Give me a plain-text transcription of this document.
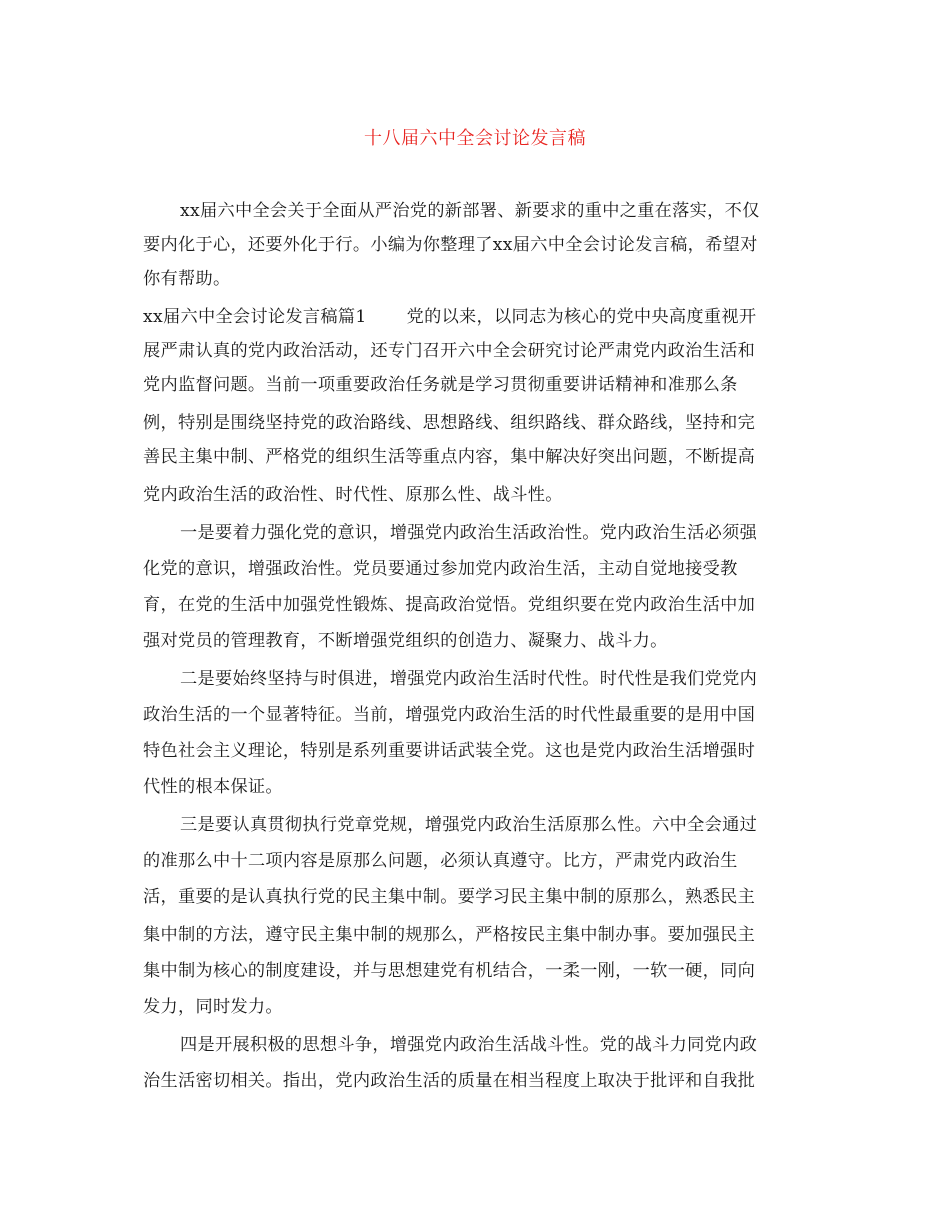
十八届六中全会讨论发言稿
xx届六中全会关于全面从严治党的新部署、新要求的重中之重在落实，不仅
要内化于心，还要外化于行。小编为你整理了xx届六中全会讨论发言稿，希望对
你有帮助。
xx届六中全会讨论发言稿篇1 党的以来，以同志为核心的党中央高度重视开
展严肃认真的党内政治活动，还专门召开六中全会研究讨论严肃党内政治生活和
党内监督问题。当前一项重要政治任务就是学习贯彻重要讲话精神和准那么条
例，特别是围绕坚持党的政治路线、思想路线、组织路线、群众路线，坚持和完
善民主集中制、严格党的组织生活等重点内容，集中解决好突出问题，不断提高
党内政治生活的政治性、时代性、原那么性、战斗性。
一是要着力强化党的意识，增强党内政治生活政治性。党内政治生活必须强
化党的意识，增强政治性。党员要通过参加党内政治生活，主动自觉地接受教
育，在党的生活中加强党性锻炼、提高政治觉悟。党组织要在党内政治生活中加
强对党员的管理教育，不断增强党组织的创造力、凝聚力、战斗力。
二是要始终坚持与时俱进，增强党内政治生活时代性。时代性是我们党党内
政治生活的一个显著特征。当前，增强党内政治生活的时代性最重要的是用中国
特色社会主义理论，特别是系列重要讲话武装全党。这也是党内政治生活增强时
代性的根本保证。
三是要认真贯彻执行党章党规，增强党内政治生活原那么性。六中全会通过
的准那么中十二项内容是原那么问题，必须认真遵守。比方，严肃党内政治生
活，重要的是认真执行党的民主集中制。要学习民主集中制的原那么，熟悉民主
集中制的方法，遵守民主集中制的规那么，严格按民主集中制办事。要加强民主
集中制为核心的制度建设，并与思想建党有机结合，一柔一刚，一软一硬，同向
发力，同时发力。
四是开展积极的思想斗争，增强党内政治生活战斗性。党的战斗力同党内政
治生活密切相关。指出，党内政治生活的质量在相当程度上取决于批评和自我批
